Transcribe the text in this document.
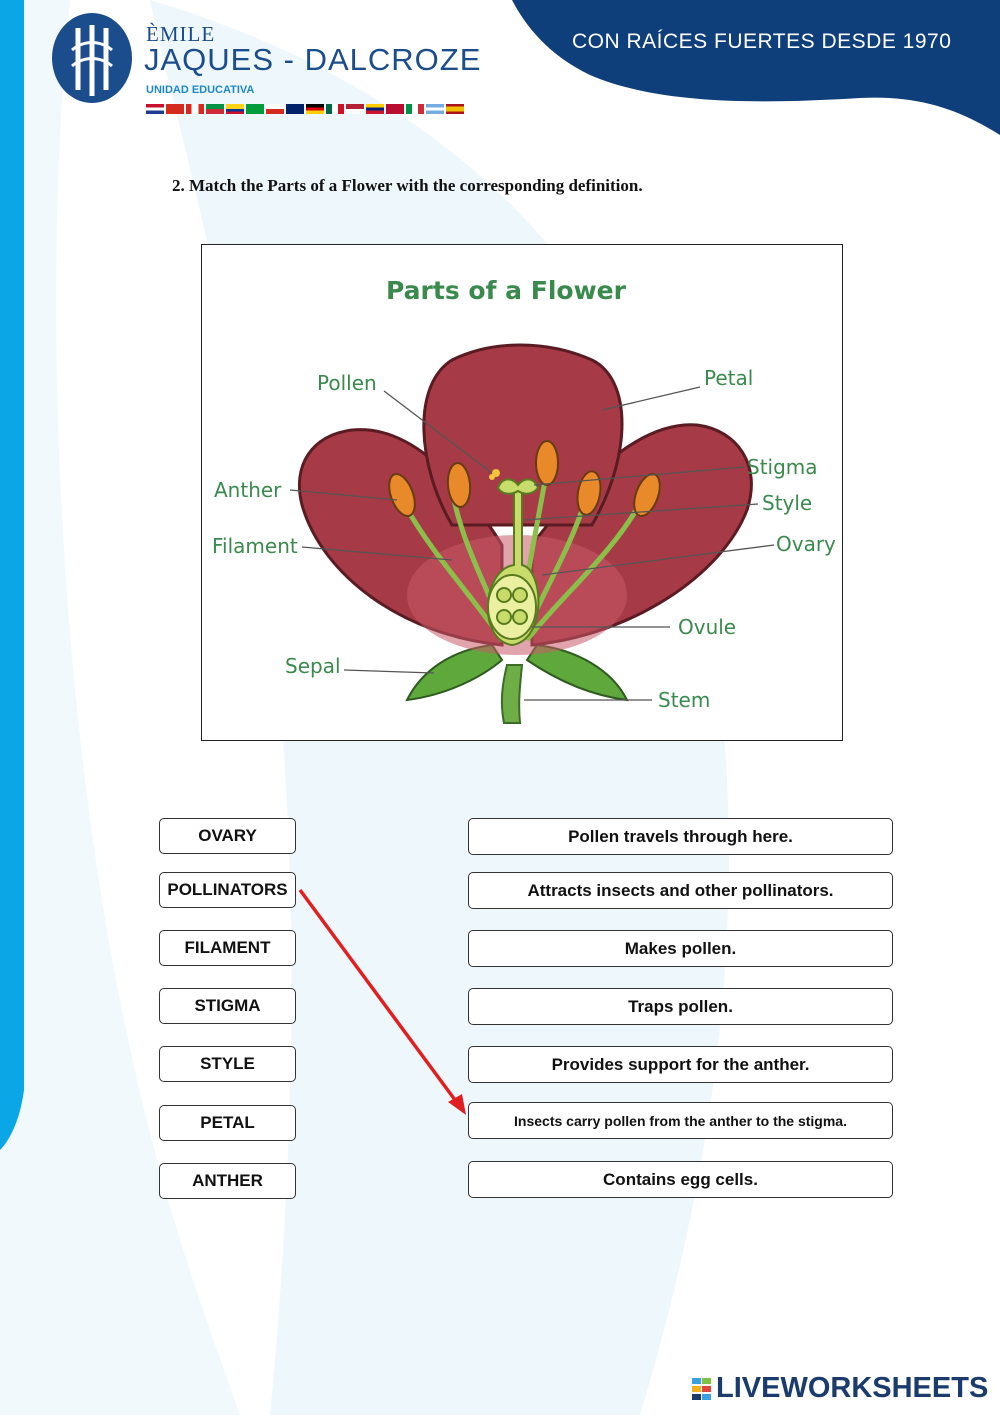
ÈMILE
JAQUES - DALCROZE
UNIDAD EDUCATIVA
CON RAÍCES FUERTES DESDE 1970
2. Match the Parts of a Flower with the corresponding definition.
Parts of a Flower
Pollen	Petal
Anther
Stigma
Style
Filament	Ovary
Ovule
Sepal
Stem
OVARY
POLLINATORS
FILAMENT
STIGMA
STYLE
PETAL
ANTHER
Pollen travels through here.
Attracts insects and other pollinators.
Makes pollen.
Traps pollen.
Provides support for the anther.
Insects carry pollen from the anther to the stigma.
Contains egg cells.
LIVEWORKSHEETS
